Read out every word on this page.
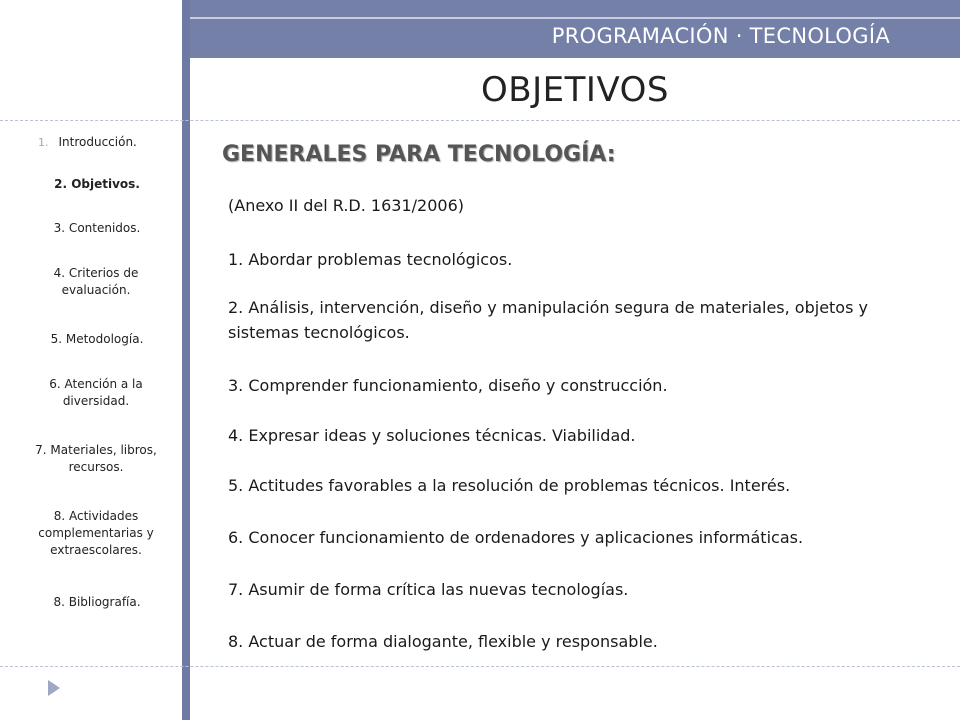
PROGRAMACIÓN · TECNOLOGÍA
OBJETIVOS
1. Introducción.
2. Objetivos.
3. Contenidos.
4. Criterios de evaluación.
5. Metodología.
6. Atención a la diversidad.
7. Materiales, libros, recursos.
8. Actividades complementarias y extraescolares.
8. Bibliografía.
GENERALES PARA TECNOLOGÍA:

(Anexo II del R.D. 1631/2006)

1. Abordar problemas tecnológicos.

2. Análisis, intervención, diseño y manipulación segura de materiales, objetos y sistemas tecnológicos.

3. Comprender funcionamiento, diseño y construcción.

4. Expresar ideas y soluciones técnicas. Viabilidad.

5. Actitudes favorables a la resolución de problemas técnicos. Interés.

6. Conocer funcionamiento de ordenadores y aplicaciones informáticas.

7. Asumir de forma crítica las nuevas tecnologías.

8. Actuar de forma dialogante, flexible y responsable.
